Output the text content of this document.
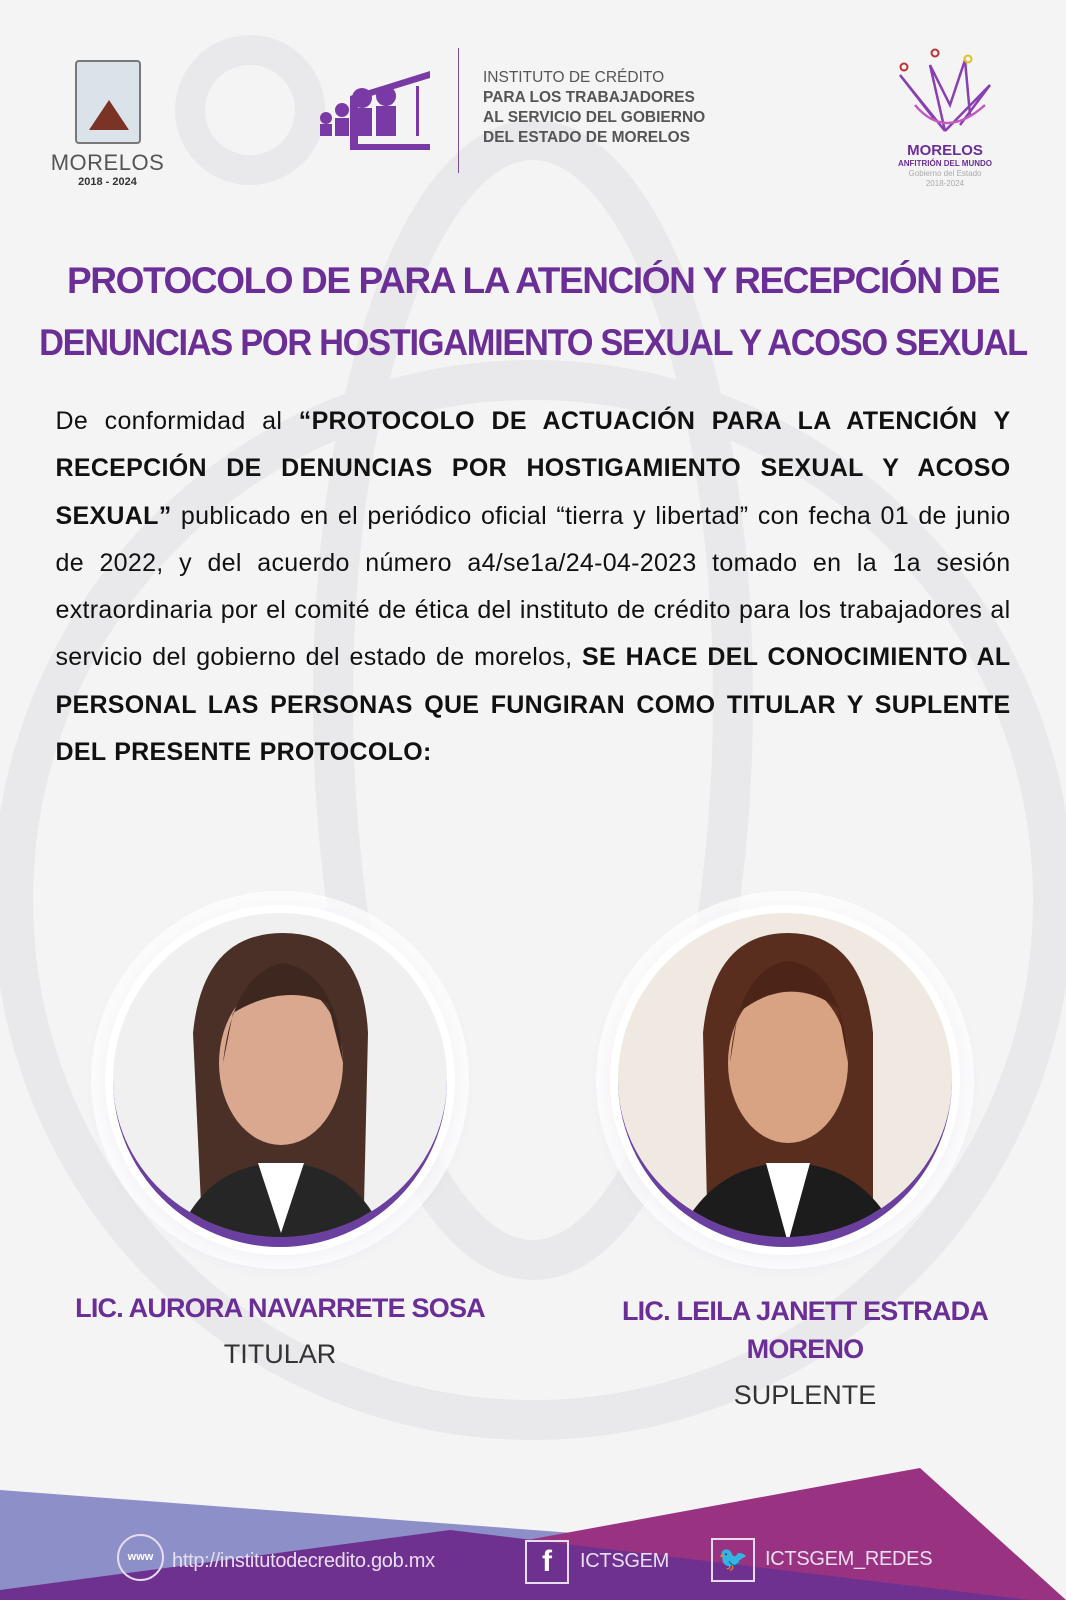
MORELOS
2018 - 2024
INSTITUTO DE CRÉDITO
PARA LOS TRABAJADORES
AL SERVICIO DEL GOBIERNO
DEL ESTADO DE MORELOS
MORELOS
ANFITRIÓN DEL MUNDO
Gobierno del Estado
2018-2024
PROTOCOLO DE PARA LA ATENCIÓN Y RECEPCIÓN DE
DENUNCIAS POR HOSTIGAMIENTO SEXUAL Y ACOSO SEXUAL
De conformidad al “PROTOCOLO DE ACTUACIÓN PARA LA ATENCIÓN Y RECEPCIÓN DE DENUNCIAS POR HOSTIGAMIENTO SEXUAL Y ACOSO SEXUAL” publicado en el periódico oficial “tierra y libertad” con fecha 01 de junio de 2022, y del acuerdo número a4/se1a/24-04-2023 tomado en la 1a sesión extraordinaria por el comité de ética del instituto de crédito para los trabajadores al servicio del gobierno del estado de morelos, SE HACE DEL CONOCIMIENTO AL PERSONAL LAS PERSONAS QUE FUNGIRAN COMO TITULAR Y SUPLENTE DEL PRESENTE PROTOCOLO:
LIC. AURORA NAVARRETE SOSA
TITULAR
LIC. LEILA JANETT ESTRADA MORENO
SUPLENTE
www http://institutodecredito.gob.mx	f	ICTSGEM 🐦 ICTSGEM_REDES
